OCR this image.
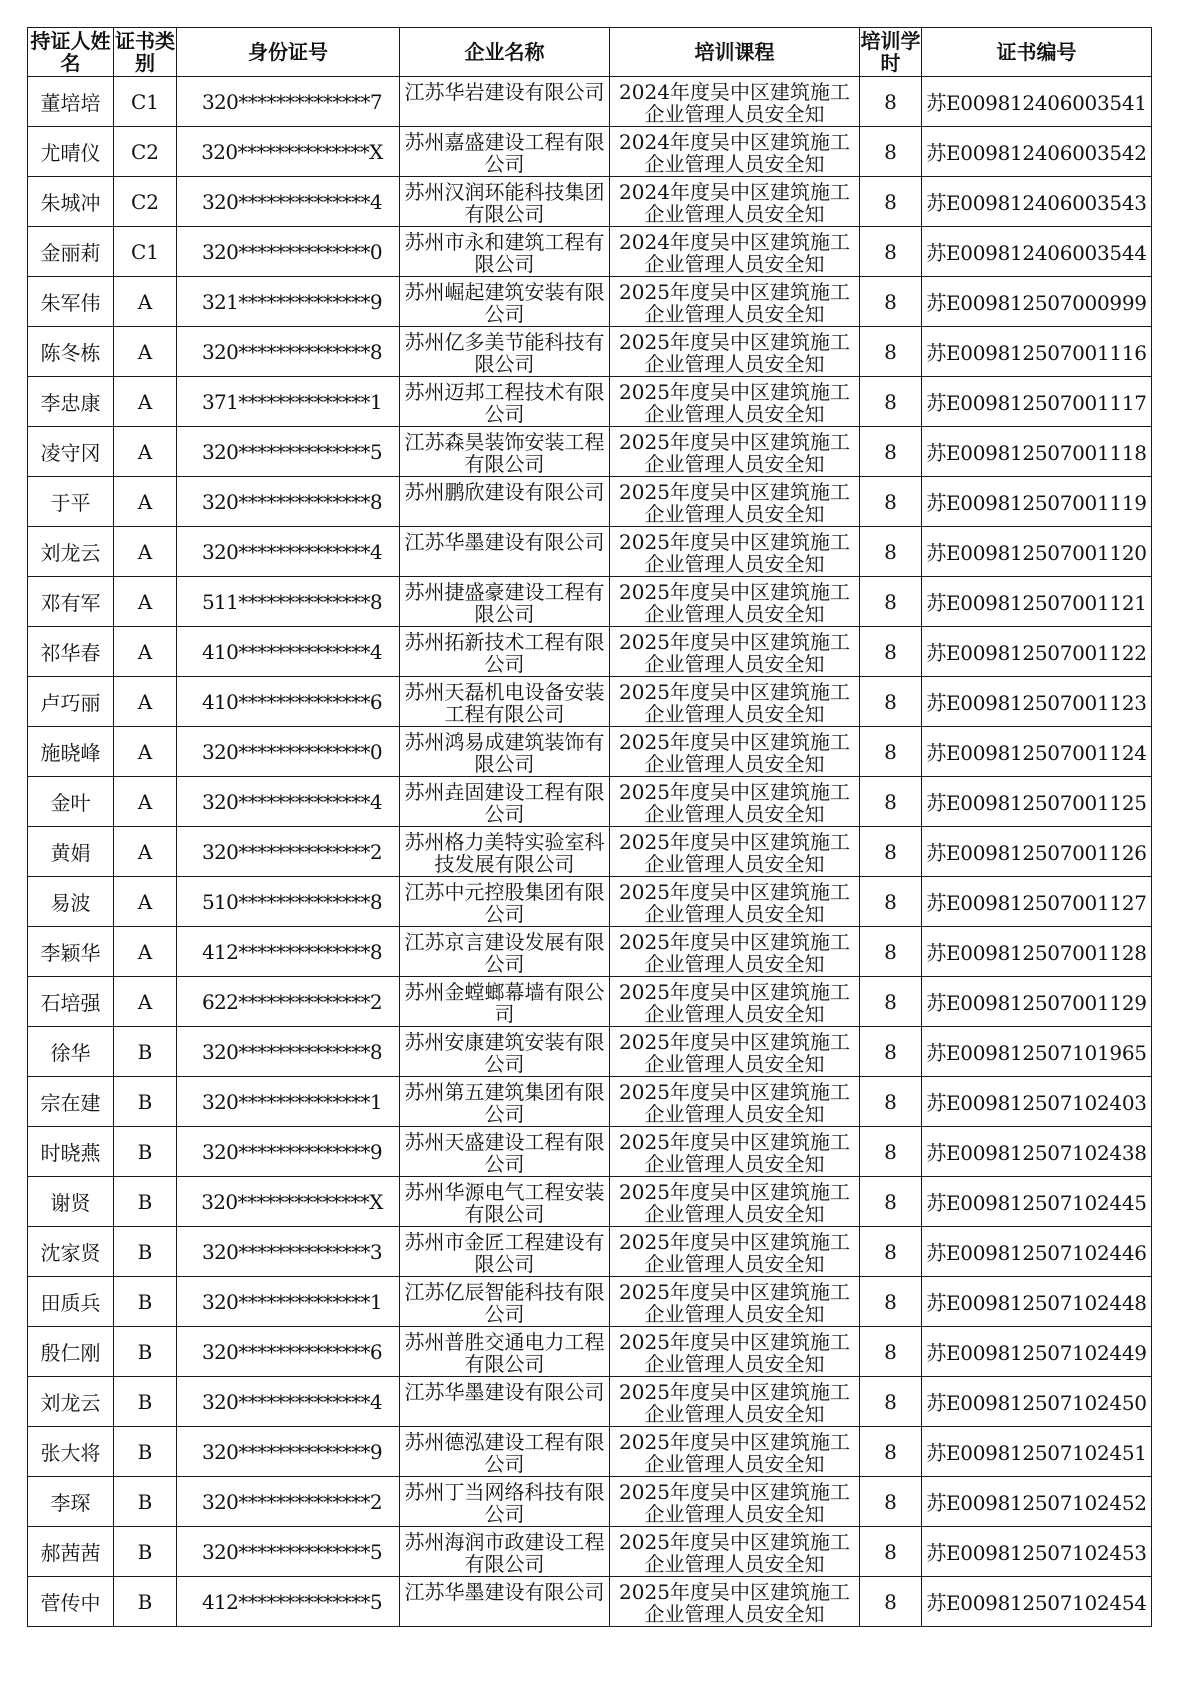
持证人姓名	证书类别	身份证号	企业名称	培训课程	培训学时	证书编号
董培培	C1	320**************7	江苏华岩建设有限公司	2024年度吴中区建筑施工企业管理人员安全知	8	苏E009812406003541
尤晴仪	C2	320**************X	苏州嘉盛建设工程有限公司	2024年度吴中区建筑施工企业管理人员安全知	8	苏E009812406003542
朱城冲	C2	320**************4	苏州汉润环能科技集团有限公司	2024年度吴中区建筑施工企业管理人员安全知	8	苏E009812406003543
金丽莉	C1	320**************0	苏州市永和建筑工程有限公司	2024年度吴中区建筑施工企业管理人员安全知	8	苏E009812406003544
朱军伟	A	321**************9	苏州崛起建筑安装有限公司	2025年度吴中区建筑施工企业管理人员安全知	8	苏E009812507000999
陈冬栋	A	320**************8	苏州亿多美节能科技有限公司	2025年度吴中区建筑施工企业管理人员安全知	8	苏E009812507001116
李忠康	A	371**************1	苏州迈邦工程技术有限公司	2025年度吴中区建筑施工企业管理人员安全知	8	苏E009812507001117
凌守冈	A	320**************5	江苏森昊装饰安装工程有限公司	2025年度吴中区建筑施工企业管理人员安全知	8	苏E009812507001118
于平	A	320**************8	苏州鹏欣建设有限公司	2025年度吴中区建筑施工企业管理人员安全知	8	苏E009812507001119
刘龙云	A	320**************4	江苏华墨建设有限公司	2025年度吴中区建筑施工企业管理人员安全知	8	苏E009812507001120
邓有军	A	511**************8	苏州捷盛豪建设工程有限公司	2025年度吴中区建筑施工企业管理人员安全知	8	苏E009812507001121
祁华春	A	410**************4	苏州拓新技术工程有限公司	2025年度吴中区建筑施工企业管理人员安全知	8	苏E009812507001122
卢巧丽	A	410**************6	苏州天磊机电设备安装工程有限公司	2025年度吴中区建筑施工企业管理人员安全知	8	苏E009812507001123
施晓峰	A	320**************0	苏州鸿易成建筑装饰有限公司	2025年度吴中区建筑施工企业管理人员安全知	8	苏E009812507001124
金叶	A	320**************4	苏州垚固建设工程有限公司	2025年度吴中区建筑施工企业管理人员安全知	8	苏E009812507001125
黄娟	A	320**************2	苏州格力美特实验室科技发展有限公司	2025年度吴中区建筑施工企业管理人员安全知	8	苏E009812507001126
易波	A	510**************8	江苏中元控股集团有限公司	2025年度吴中区建筑施工企业管理人员安全知	8	苏E009812507001127
李颖华	A	412**************8	江苏京言建设发展有限公司	2025年度吴中区建筑施工企业管理人员安全知	8	苏E009812507001128
石培强	A	622**************2	苏州金螳螂幕墙有限公司	2025年度吴中区建筑施工企业管理人员安全知	8	苏E009812507001129
徐华	B	320**************8	苏州安康建筑安装有限公司	2025年度吴中区建筑施工企业管理人员安全知	8	苏E009812507101965
宗在建	B	320**************1	苏州第五建筑集团有限公司	2025年度吴中区建筑施工企业管理人员安全知	8	苏E009812507102403
时晓燕	B	320**************9	苏州天盛建设工程有限公司	2025年度吴中区建筑施工企业管理人员安全知	8	苏E009812507102438
谢贤	B	320**************X	苏州华源电气工程安装有限公司	2025年度吴中区建筑施工企业管理人员安全知	8	苏E009812507102445
沈家贤	B	320**************3	苏州市金匠工程建设有限公司	2025年度吴中区建筑施工企业管理人员安全知	8	苏E009812507102446
田质兵	B	320**************1	江苏亿辰智能科技有限公司	2025年度吴中区建筑施工企业管理人员安全知	8	苏E009812507102448
殷仁刚	B	320**************6	苏州普胜交通电力工程有限公司	2025年度吴中区建筑施工企业管理人员安全知	8	苏E009812507102449
刘龙云	B	320**************4	江苏华墨建设有限公司	2025年度吴中区建筑施工企业管理人员安全知	8	苏E009812507102450
张大将	B	320**************9	苏州德泓建设工程有限公司	2025年度吴中区建筑施工企业管理人员安全知	8	苏E009812507102451
李琛	B	320**************2	苏州丁当网络科技有限公司	2025年度吴中区建筑施工企业管理人员安全知	8	苏E009812507102452
郝茜茜	B	320**************5	苏州海润市政建设工程有限公司	2025年度吴中区建筑施工企业管理人员安全知	8	苏E009812507102453
菅传中	B	412**************5	江苏华墨建设有限公司	2025年度吴中区建筑施工企业管理人员安全知	8	苏E009812507102454
